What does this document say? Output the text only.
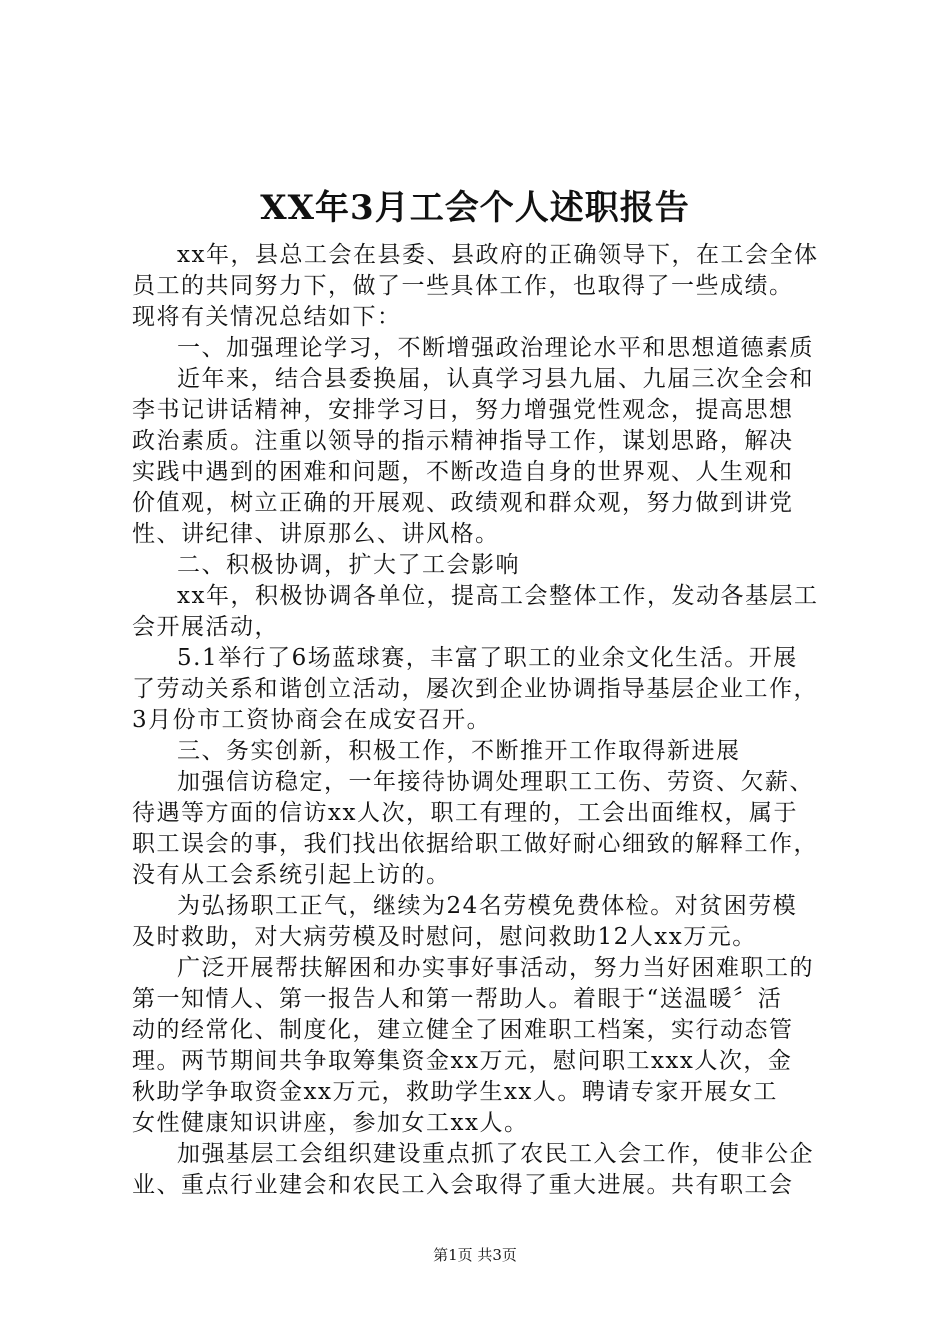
XX年3月工会个人述职报告
xx年，县总工会在县委、县政府的正确领导下，在工会全体
员工的共同努力下，做了一些具体工作，也取得了一些成绩。
现将有关情况总结如下：
一、加强理论学习，不断增强政治理论水平和思想道德素质
近年来，结合县委换届，认真学习县九届、九届三次全会和
李书记讲话精神，安排学习日，努力增强党性观念，提高思想
政治素质。注重以领导的指示精神指导工作，谋划思路，解决
实践中遇到的困难和问题，不断改造自身的世界观、人生观和
价值观，树立正确的开展观、政绩观和群众观，努力做到讲党
性、讲纪律、讲原那么、讲风格。
二、积极协调，扩大了工会影响
xx年，积极协调各单位，提高工会整体工作，发动各基层工
会开展活动，
5.1举行了6场蓝球赛，丰富了职工的业余文化生活。开展
了劳动关系和谐创立活动，屡次到企业协调指导基层企业工作，
3月份市工资协商会在成安召开。
三、务实创新，积极工作，不断推开工作取得新进展
加强信访稳定，一年接待协调处理职工工伤、劳资、欠薪、
待遇等方面的信访xx人次，职工有理的，工会出面维权，属于
职工误会的事，我们找出依据给职工做好耐心细致的解释工作，
没有从工会系统引起上访的。
为弘扬职工正气，继续为24名劳模免费体检。对贫困劳模
及时救助，对大病劳模及时慰问，慰问救助12人xx万元。
广泛开展帮扶解困和办实事好事活动，努力当好困难职工的
第一知情人、第一报告人和第一帮助人。着眼于“送温暖〞活
动的经常化、制度化，建立健全了困难职工档案，实行动态管
理。两节期间共争取筹集资金xx万元，慰问职工xxx人次，金
秋助学争取资金xx万元，救助学生xx人。聘请专家开展女工
女性健康知识讲座，参加女工xx人。
加强基层工会组织建设重点抓了农民工入会工作，使非公企
业、重点行业建会和农民工入会取得了重大进展。共有职工会
第1页 共3页
